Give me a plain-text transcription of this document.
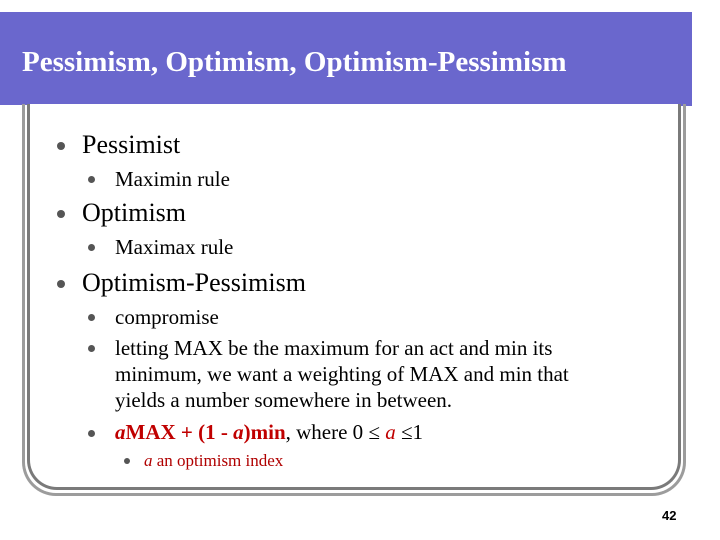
Pessimism, Optimism, Optimism-Pessimism
Pessimist
Maximin rule
Optimism
Maximax rule
Optimism-Pessimism
compromise
letting MAX be the maximum for an act and min its
minimum, we want a weighting of MAX and min that
yields a number somewhere in between.
aMAX + (1 - a)min, where 0 ≤ a ≤1
a an optimism index
42
